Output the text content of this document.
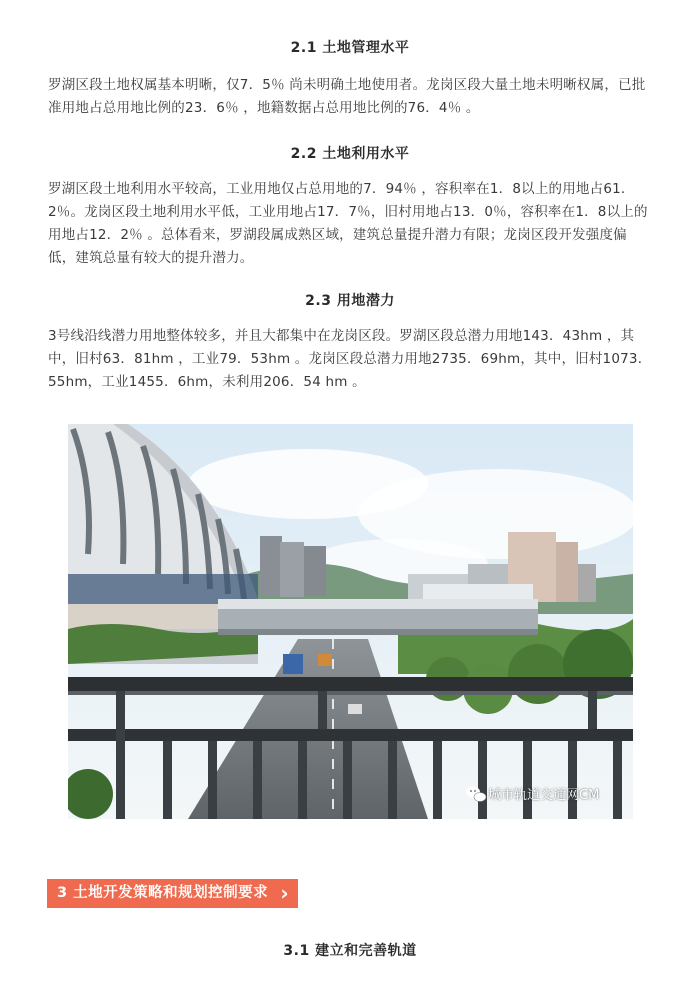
2.1 土地管理水平
罗湖区段土地权属基本明晰，仅7．5％ 尚未明确土地使用者。龙岗区段大量土地未明晰权属，已批准用地占总用地比例的23．6％ ，地籍数据占总用地比例的76．4％ 。
2.2 土地利用水平
罗湖区段土地利用水平较高，工业用地仅占总用地的7．94％ ，容积率在1．8以上的用地占61．2％。龙岗区段土地利用水平低，工业用地占17．7％，旧村用地占13．0％，容积率在1．8以上的用地占12．2％ 。总体看来，罗湖段属成熟区域，建筑总量提升潜力有限；龙岗区段开发强度偏低，建筑总量有较大的提升潜力。
2.3 用地潜力
3号线沿线潜力用地整体较多，并且大都集中在龙岗区段。罗湖区段总潜力用地143．43hm ，其中，旧村63．81hm ，工业79．53hm 。龙岗区段总潜力用地2735．69hm，其中，旧村1073．55hm，工业1455．6hm，未利用206．54 hm 。
城市轨道交通网CM
3 土地开发策略和规划控制要求 ›
3.1 建立和完善轨道
